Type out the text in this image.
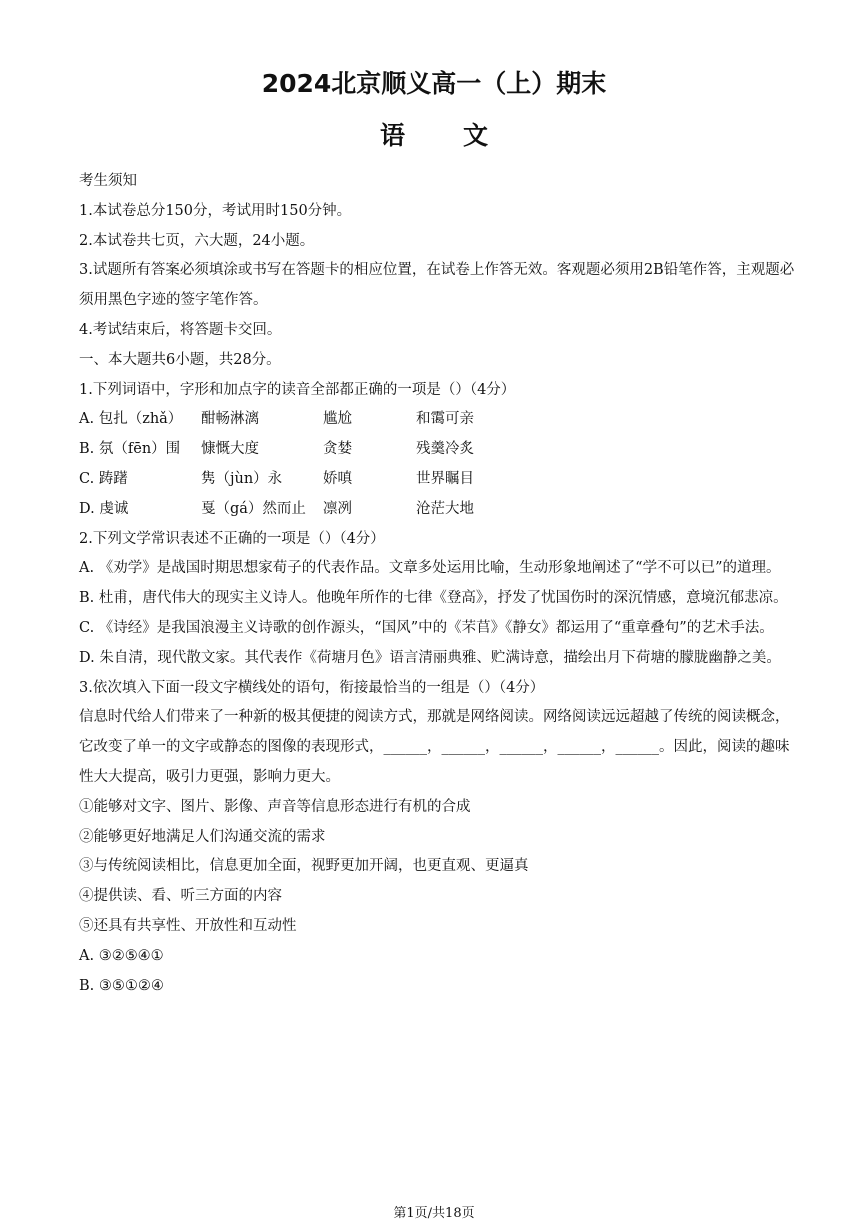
2024北京顺义高一（上）期末
语文
考生须知
1.本试卷总分150分，考试用时150分钟。
2.本试卷共七页，六大题，24小题。
3.试题所有答案必须填涂或书写在答题卡的相应位置，在试卷上作答无效。客观题必须用2B铅笔作答，主观题必须用黑色字迹的签字笔作答。
4.考试结束后，将答题卡交回。
一、本大题共6小题，共28分。
1.下列词语中，字形和加点字的读音全部都正确的一项是（）（4分）
A. 包扎（zhǎ）	酣畅淋漓	尴尬	和霭可亲
B. 氛（fēn）围	慷慨大度	贪婪	残羹冷炙
C. 踌躇	隽（jùn）永	娇嗔	世界瞩目
D. 虔诚	戛（gá）然而止	凛冽	沧茫大地
2.下列文学常识表述不正确的一项是（）（4分）
A. 《劝学》是战国时期思想家荀子的代表作品。文章多处运用比喻，生动形象地阐述了“学不可以已”的道理。
B. 杜甫，唐代伟大的现实主义诗人。他晚年所作的七律《登高》，抒发了忧国伤时的深沉情感，意境沉郁悲凉。
C. 《诗经》是我国浪漫主义诗歌的创作源头，“国风”中的《芣苢》《静女》都运用了“重章叠句”的艺术手法。
D. 朱自清，现代散文家。其代表作《荷塘月色》语言清丽典雅、贮满诗意，描绘出月下荷塘的朦胧幽静之美。
3.依次填入下面一段文字横线处的语句，衔接最恰当的一组是（）（4分）
信息时代给人们带来了一种新的极其便捷的阅读方式，那就是网络阅读。网络阅读远远超越了传统的阅读概念，它改变了单一的文字或静态的图像的表现形式，______，______，______，______，______。因此，阅读的趣味性大大提高，吸引力更强，影响力更大。
①能够对文字、图片、影像、声音等信息形态进行有机的合成
②能够更好地满足人们沟通交流的需求
③与传统阅读相比，信息更加全面，视野更加开阔，也更直观、更逼真
④提供读、看、听三方面的内容
⑤还具有共享性、开放性和互动性
A. ③②⑤④①
B. ③⑤①②④
第1页/共18页
